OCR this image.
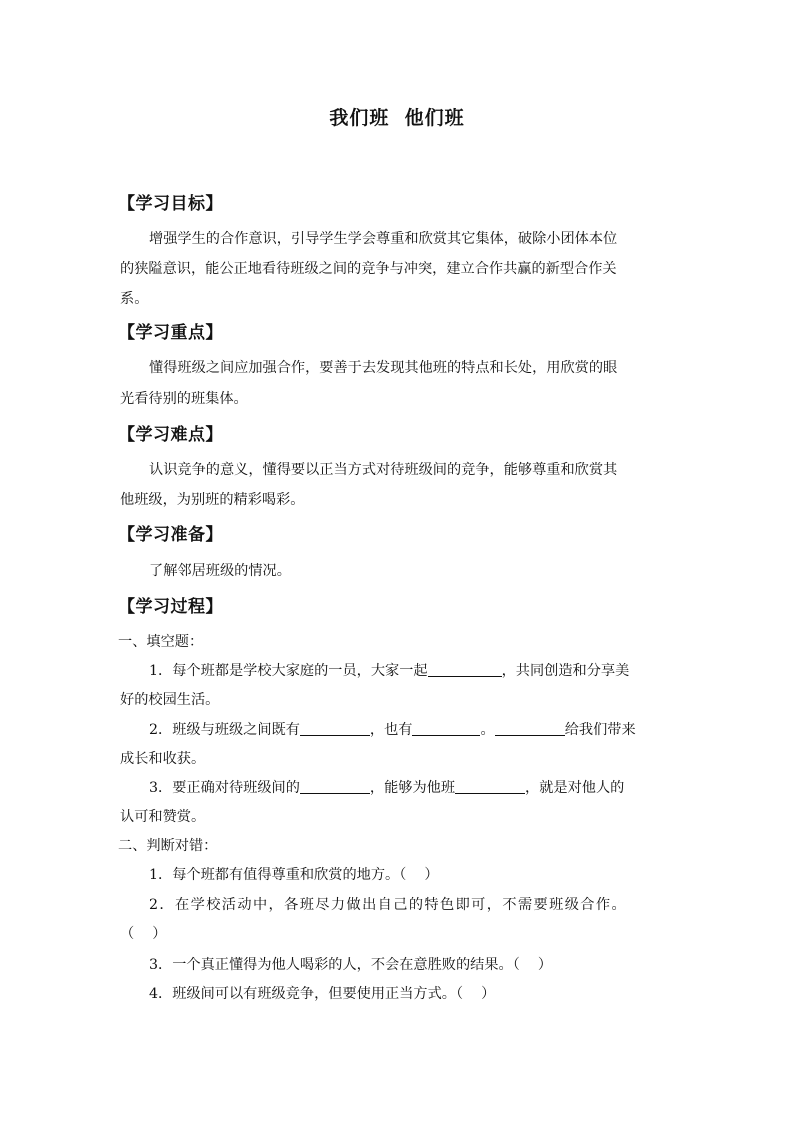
我们班  他们班
【学习目标】
增强学生的合作意识，引导学生学会尊重和欣赏其它集体，破除小团体本位
的狭隘意识，能公正地看待班级之间的竞争与冲突，建立合作共赢的新型合作关
系。
【学习重点】
懂得班级之间应加强合作，要善于去发现其他班的特点和长处，用欣赏的眼
光看待别的班集体。
【学习难点】
认识竞争的意义，懂得要以正当方式对待班级间的竞争，能够尊重和欣赏其
他班级，为别班的精彩喝彩。
【学习准备】
了解邻居班级的情况。
【学习过程】
一、填空题：
1．每个班都是学校大家庭的一员，大家一起	，共同创造和分享美
好的校园生活。
2．班级与班级之间既有	，也有	。	给我们带来
成长和收获。
3．要正确对待班级间的	，能够为他班	，就是对他人的
认可和赞赏。
二、判断对错：
1．每个班都有值得尊重和欣赏的地方。（    ）
2．在学校活动中，各班尽力做出自己的特色即可，不需要班级合作。
（    ）
3．一个真正懂得为他人喝彩的人，不会在意胜败的结果。（    ）
4．班级间可以有班级竞争，但要使用正当方式。（    ）
